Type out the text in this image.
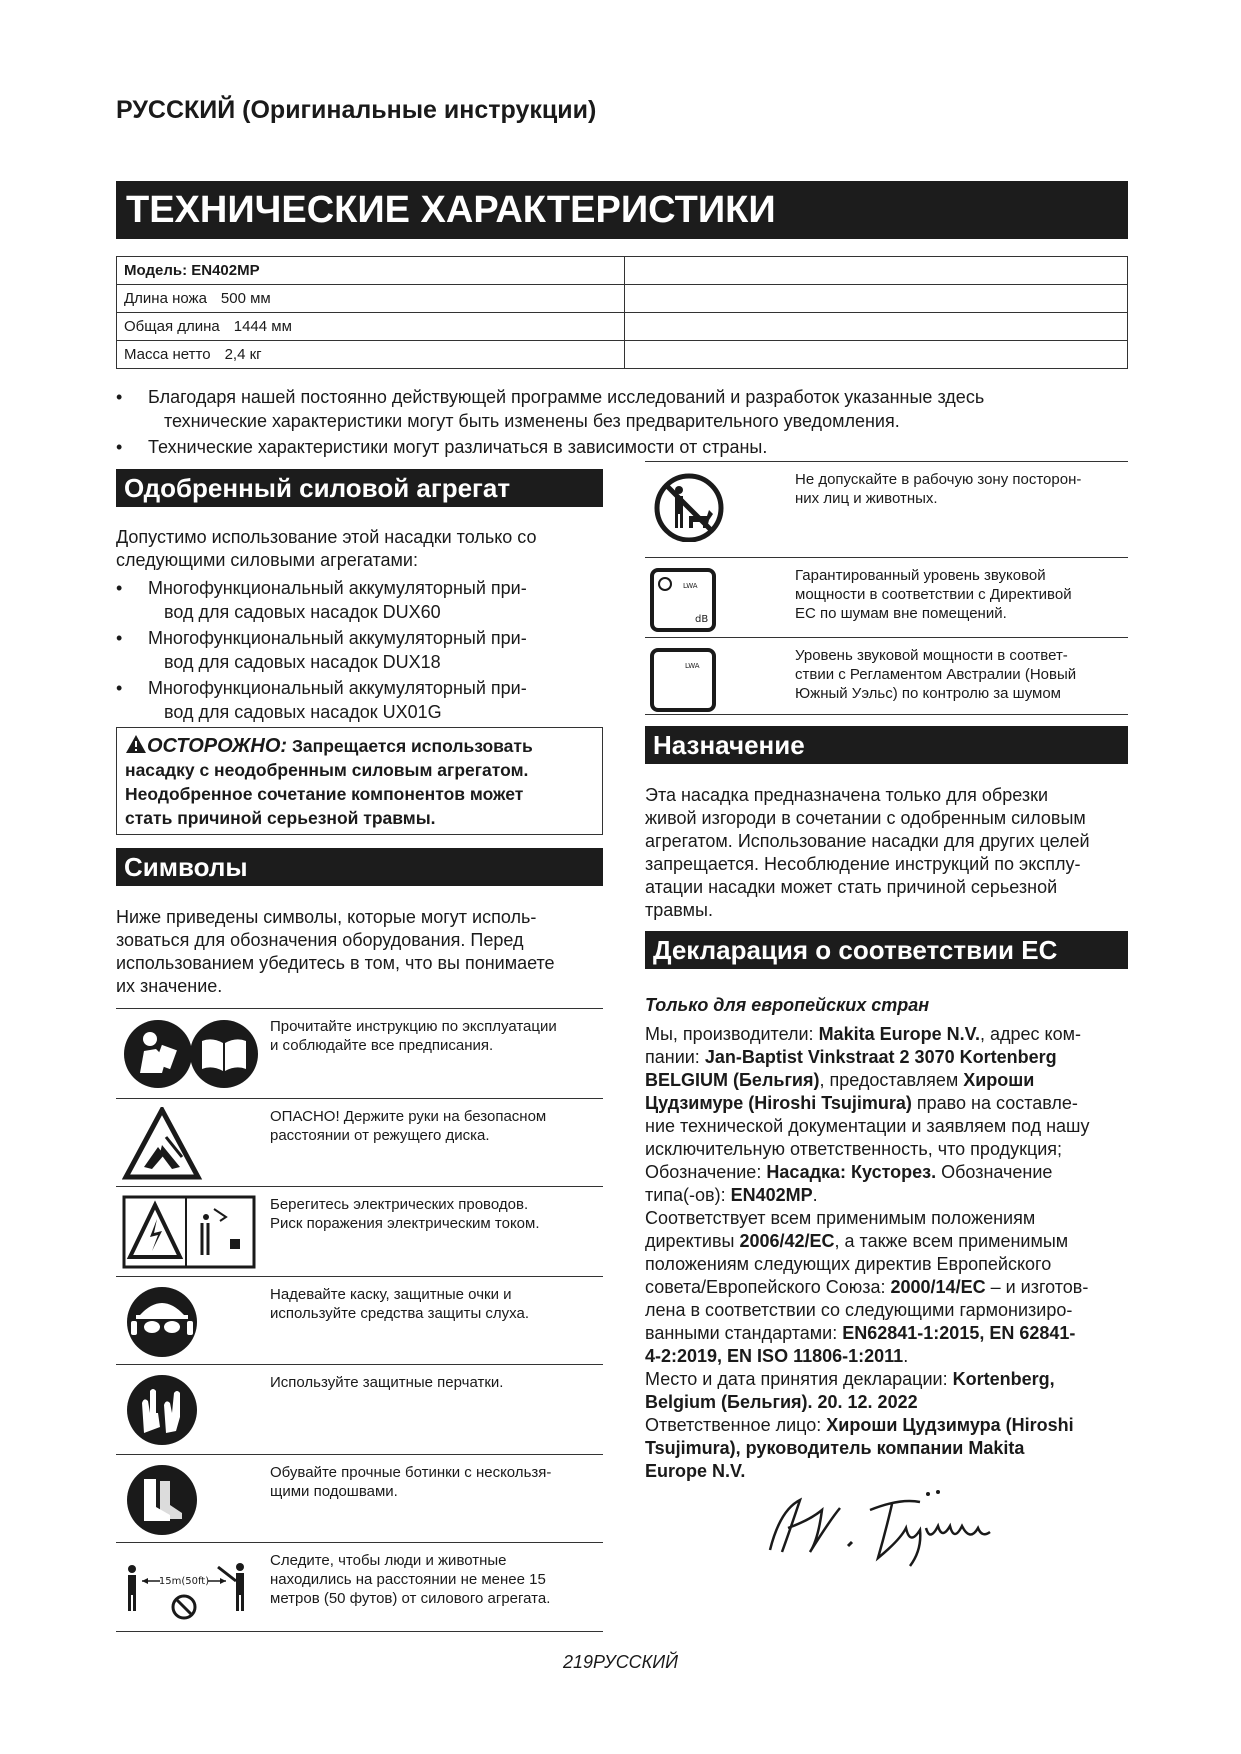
РУССКИЙ (Оригинальные инструкции)
ТЕХНИЧЕСКИЕ ХАРАКТЕРИСТИКИ
Модель: EN402MP	
Длина ножа 500 мм	
Общая длина 1444 мм	
Масса нетто 2,4 кг	
•	Благодаря нашей постоянно действующей программе исследований и разработок указанные здесь
технические характеристики могут быть изменены без предварительного уведомления.
•	Технические характеристики могут различаться в зависимости от страны.
Одобренный силовой агрегат
Допустимо использование этой насадки только со
следующими силовыми агрегатами:
•	Многофункциональный аккумуляторный при-
вод для садовых насадок DUX60
•	Многофункциональный аккумуляторный при-
вод для садовых насадок DUX18
•	Многофункциональный аккумуляторный при-
вод для садовых насадок UX01G
ОСТОРОЖНО: Запрещается использовать
насадку с неодобренным силовым агрегатом.
Неодобренное сочетание компонентов может
стать причиной серьезной травмы.
Символы
Ниже приведены символы, которые могут исполь-
зоваться для обозначения оборудования. Перед
использованием убедитесь в том, что вы понимаете
их значение.
Прочитайте инструкцию по эксплуатации
и соблюдайте все предписания.
ОПАСНО! Держите руки на безопасном
расстоянии от режущего диска.
Берегитесь электрических проводов.
Риск поражения электрическим током.
Надевайте каску, защитные очки и
используйте средства защиты слуха.
Используйте защитные перчатки.
Обувайте прочные ботинки с нескользя-
щими подошвами.
15m(50ft)
Следите, чтобы люди и животные
находились на расстоянии не менее 15
метров (50 футов) от силового агрегата.
Не допускайте в рабочую зону посторон-
них лиц и животных.
LWA
dB
Гарантированный уровень звуковой
мощности в соответствии с Директивой
ЕС по шумам вне помещений.
LWA
Уровень звуковой мощности в соответ-
ствии с Регламентом Австралии (Новый
Южный Уэльс) по контролю за шумом
Назначение
Эта насадка предназначена только для обрезки
живой изгороди в сочетании с одобренным силовым
агрегатом. Использование насадки для других целей
запрещается. Несоблюдение инструкций по эксплу-
атации насадки может стать причиной серьезной
травмы.
Декларация о соответствии ЕС
Только для европейских стран
Мы, производители: Makita Europe N.V., адрес ком-
пании: Jan-Baptist Vinkstraat 2 3070 Kortenberg
BELGIUM (Бельгия), предоставляем Хироши
Цудзимуре (Hiroshi Tsujimura) право на составле-
ние технической документации и заявляем под нашу
исключительную ответственность, что продукция;
Обозначение: Насадка: Кусторез. Обозначение
типа(-ов): EN402MP.
Соответствует всем применимым положениям
директивы 2006/42/EC, а также всем применимым
положениям следующих директив Европейского
совета/Европейского Союза: 2000/14/EC – и изготов-
лена в соответствии со следующими гармонизиро-
ванными стандартами: EN62841-1:2015, EN 62841-
4-2:2019, EN ISO 11806-1:2011.
Место и дата принятия декларации: Kortenberg,
Belgium (Бельгия). 20. 12. 2022
Ответственное лицо: Хироши Цудзимура (Hiroshi
Tsujimura), руководитель компании Makita
Europe N.V.
219РУССКИЙ
